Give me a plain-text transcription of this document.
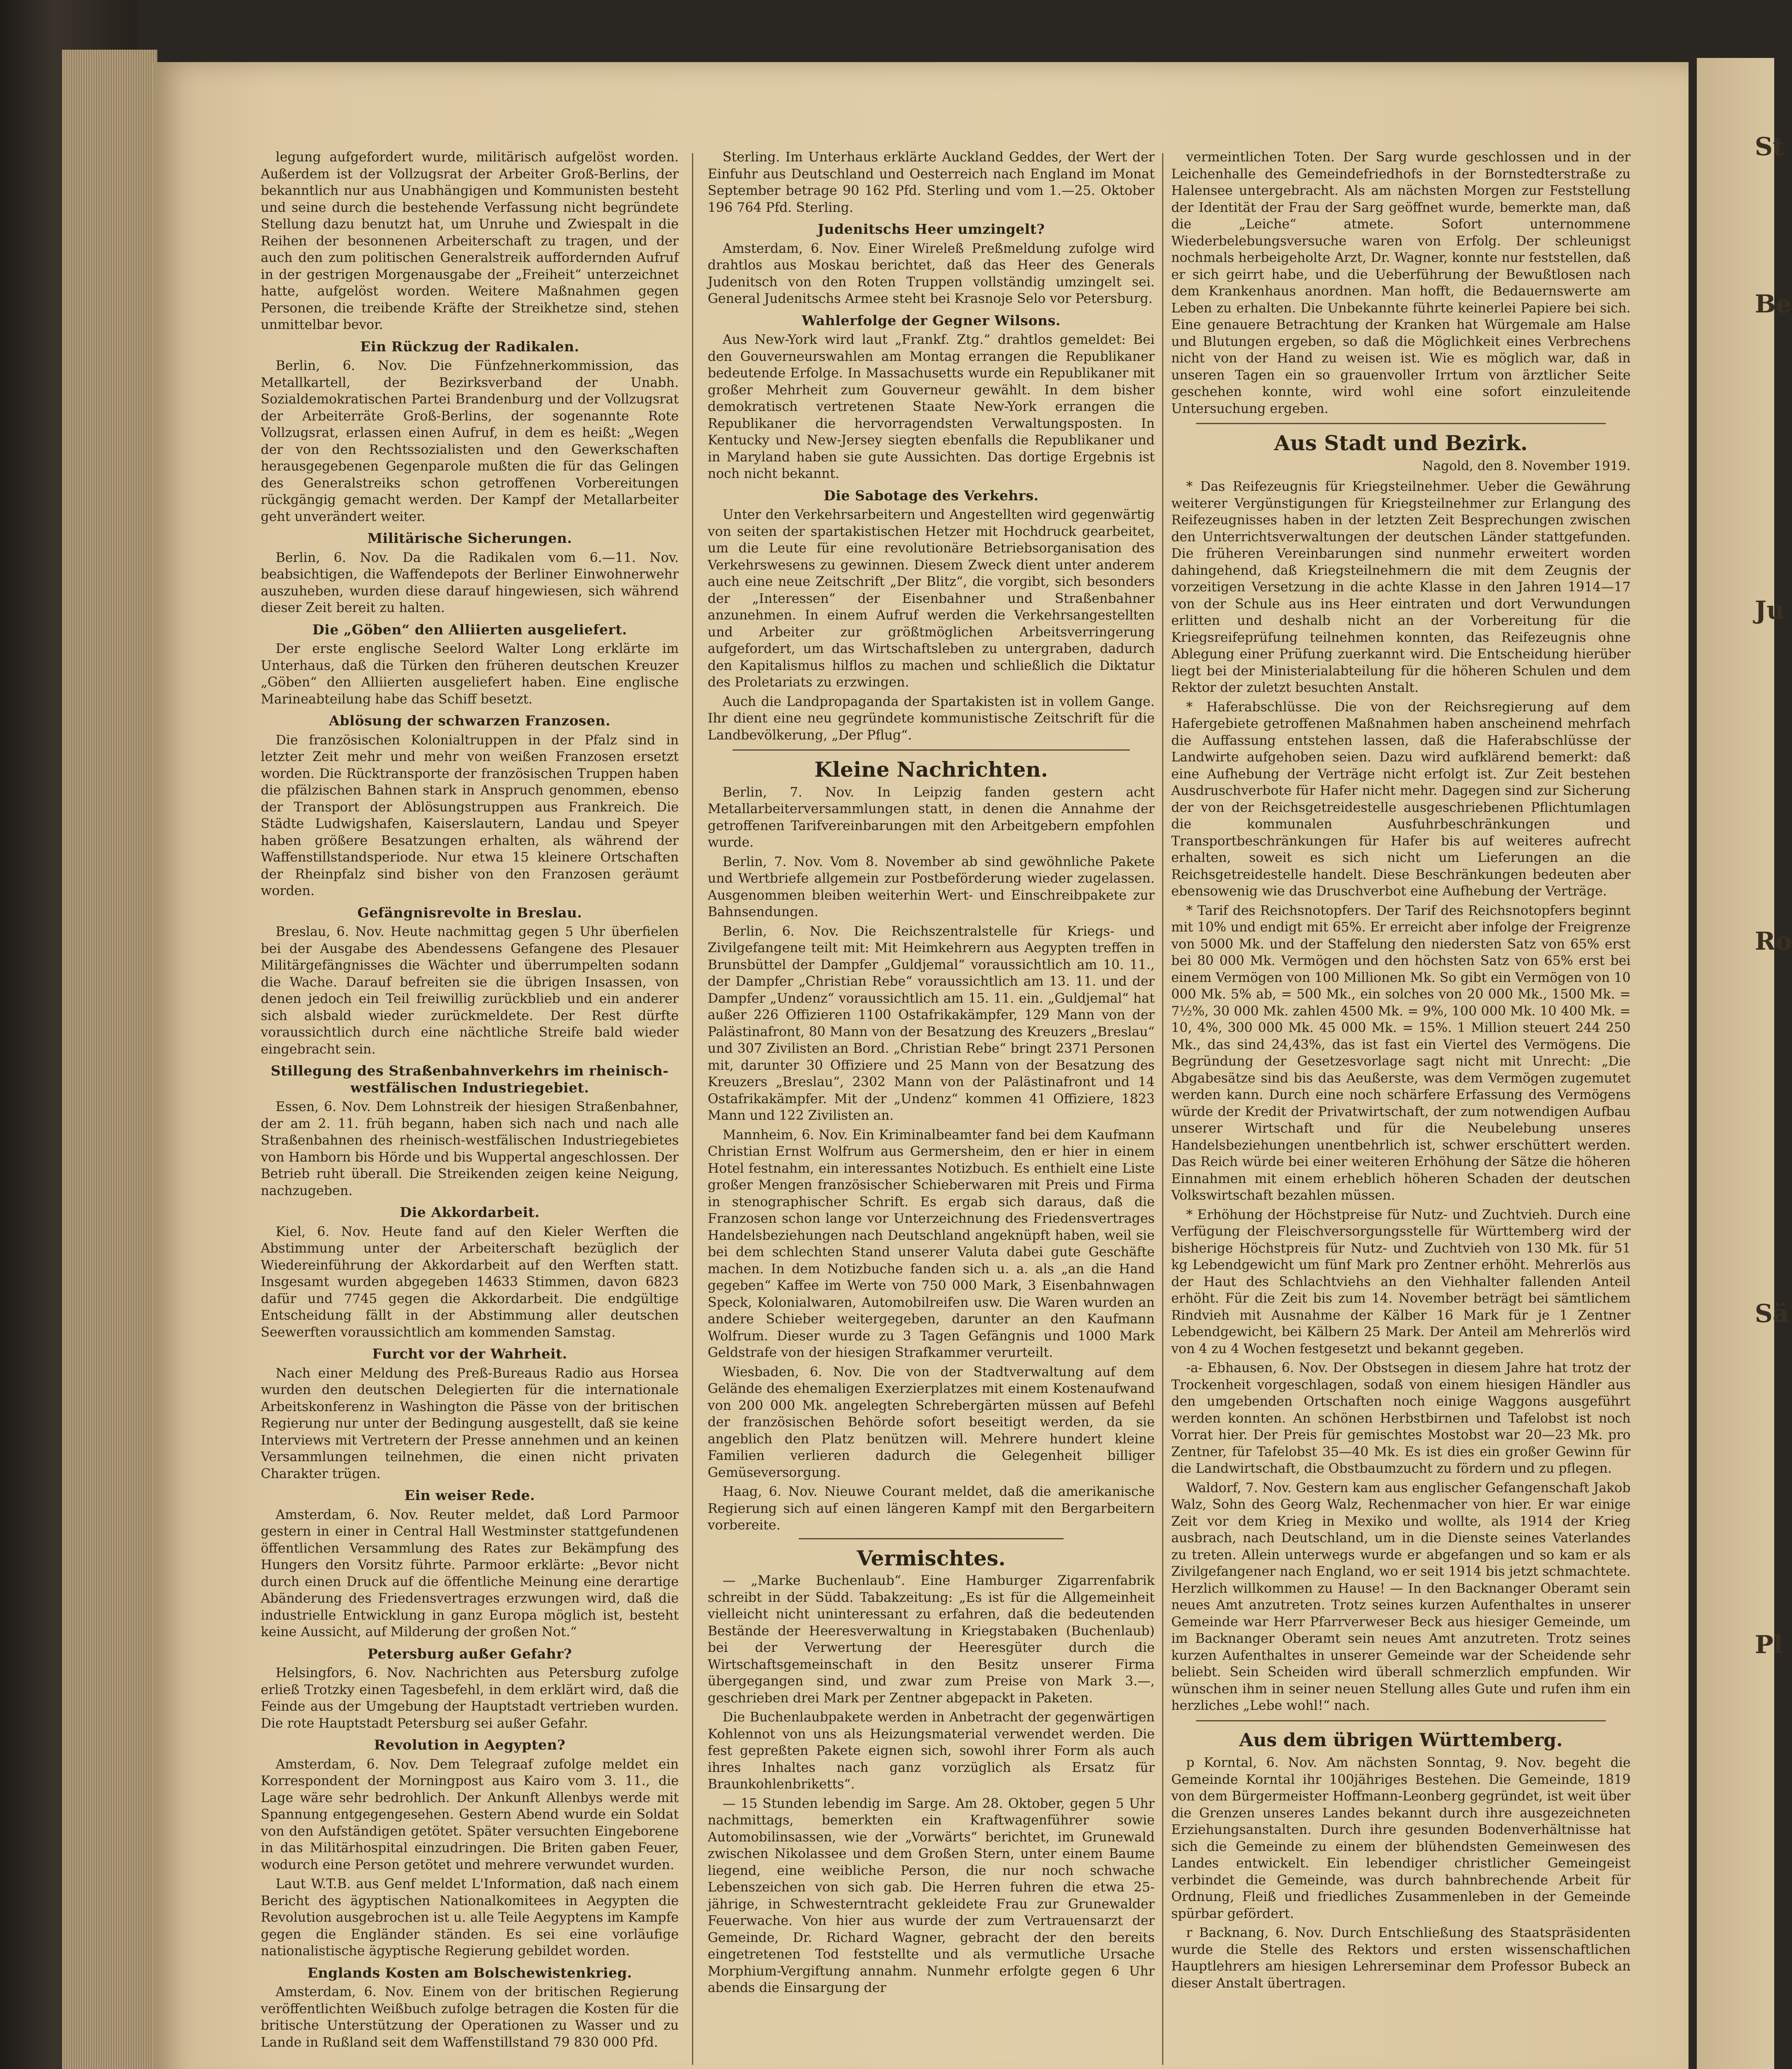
St
Be
Ju
Ro
Sä
Pl

legung aufgefordert wurde, militärisch aufgelöst worden. Außerdem ist der Vollzugsrat der Arbeiter Groß-Berlins, der bekanntlich nur aus Unabhängigen und Kommunisten besteht und seine durch die bestehende Verfassung nicht begründete Stellung dazu benutzt hat, um Unruhe und Zwiespalt in die Reihen der besonnenen Arbeiterschaft zu tragen, und der auch den zum politischen Generalstreik auffordernden Aufruf in der gestrigen Morgenausgabe der „Freiheit“ unterzeichnet hatte, aufgelöst worden. Weitere Maßnahmen gegen Personen, die treibende Kräfte der Streikhetze sind, stehen unmittelbar bevor.

Ein Rückzug der Radikalen.

Berlin, 6. Nov. Die Fünfzehnerkommission, das Metallkartell, der Bezirksverband der Unabh. Sozialdemokratischen Partei Brandenburg und der Vollzugsrat der Arbeiterräte Groß-Berlins, der sogenannte Rote Vollzugsrat, erlassen einen Aufruf, in dem es heißt: „Wegen der von den Rechtssozialisten und den Gewerkschaften herausgegebenen Gegenparole mußten die für das Gelingen des Generalstreiks schon getroffenen Vorbereitungen rückgängig gemacht werden. Der Kampf der Metallarbeiter geht unverändert weiter.

Militärische Sicherungen.

Berlin, 6. Nov. Da die Radikalen vom 6.—11. Nov. beabsichtigen, die Waffendepots der Berliner Einwohnerwehr auszuheben, wurden diese darauf hingewiesen, sich während dieser Zeit bereit zu halten.

Die „Göben“ den Alliierten ausgeliefert.

Der erste englische Seelord Walter Long erklärte im Unterhaus, daß die Türken den früheren deutschen Kreuzer „Göben“ den Alliierten ausgeliefert haben. Eine englische Marineabteilung habe das Schiff besetzt.

Ablösung der schwarzen Franzosen.

Die französischen Kolonialtruppen in der Pfalz sind in letzter Zeit mehr und mehr von weißen Franzosen ersetzt worden. Die Rücktransporte der französischen Truppen haben die pfälzischen Bahnen stark in Anspruch genommen, ebenso der Transport der Ablösungstruppen aus Frankreich. Die Städte Ludwigshafen, Kaiserslautern, Landau und Speyer haben größere Besatzungen erhalten, als während der Waffenstillstandsperiode. Nur etwa 15 kleinere Ortschaften der Rheinpfalz sind bisher von den Franzosen geräumt worden.

Gefängnisrevolte in Breslau.

Breslau, 6. Nov. Heute nachmittag gegen 5 Uhr überfielen bei der Ausgabe des Abendessens Gefangene des Plesauer Militärgefängnisses die Wächter und überrumpelten sodann die Wache. Darauf befreiten sie die übrigen Insassen, von denen jedoch ein Teil freiwillig zurückblieb und ein anderer sich alsbald wieder zurückmeldete. Der Rest dürfte voraussichtlich durch eine nächtliche Streife bald wieder eingebracht sein.

Stillegung des Straßenbahnverkehrs im rheinisch-westfälischen Industriegebiet.

Essen, 6. Nov. Dem Lohnstreik der hiesigen Straßenbahner, der am 2. 11. früh begann, haben sich nach und nach alle Straßenbahnen des rheinisch-westfälischen Industriegebietes von Hamborn bis Hörde und bis Wuppertal angeschlossen. Der Betrieb ruht überall. Die Streikenden zeigen keine Neigung, nachzugeben.

Die Akkordarbeit.

Kiel, 6. Nov. Heute fand auf den Kieler Werften die Abstimmung unter der Arbeiterschaft bezüglich der Wiedereinführung der Akkordarbeit auf den Werften statt. Insgesamt wurden abgegeben 14633 Stimmen, davon 6823 dafür und 7745 gegen die Akkordarbeit. Die endgültige Entscheidung fällt in der Abstimmung aller deutschen Seewerften voraussichtlich am kommenden Samstag.

Furcht vor der Wahrheit.

Nach einer Meldung des Preß-Bureaus Radio aus Horsea wurden den deutschen Delegierten für die internationale Arbeitskonferenz in Washington die Pässe von der britischen Regierung nur unter der Bedingung ausgestellt, daß sie keine Interviews mit Vertretern der Presse annehmen und an keinen Versammlungen teilnehmen, die einen nicht privaten Charakter trügen.

Ein weiser Rede.

Amsterdam, 6. Nov. Reuter meldet, daß Lord Parmoor gestern in einer in Central Hall Westminster stattgefundenen öffentlichen Versammlung des Rates zur Bekämpfung des Hungers den Vorsitz führte. Parmoor erklärte: „Bevor nicht durch einen Druck auf die öffentliche Meinung eine derartige Abänderung des Friedensvertrages erzwungen wird, daß die industrielle Entwicklung in ganz Europa möglich ist, besteht keine Aussicht, auf Milderung der großen Not.“

Petersburg außer Gefahr?

Helsingfors, 6. Nov. Nachrichten aus Petersburg zufolge erließ Trotzky einen Tagesbefehl, in dem erklärt wird, daß die Feinde aus der Umgebung der Hauptstadt vertrieben wurden. Die rote Hauptstadt Petersburg sei außer Gefahr.

Revolution in Aegypten?

Amsterdam, 6. Nov. Dem Telegraaf zufolge meldet ein Korrespondent der Morningpost aus Kairo vom 3. 11., die Lage wäre sehr bedrohlich. Der Ankunft Allenbys werde mit Spannung entgegengesehen. Gestern Abend wurde ein Soldat von den Aufständigen getötet. Später versuchten Eingeborene in das Militärhospital einzudringen. Die Briten gaben Feuer, wodurch eine Person getötet und mehrere verwundet wurden.

Laut W.T.B. aus Genf meldet L'Information, daß nach einem Bericht des ägyptischen Nationalkomitees in Aegypten die Revolution ausgebrochen ist u. alle Teile Aegyptens im Kampfe gegen die Engländer ständen. Es sei eine vorläufige nationalistische ägyptische Regierung gebildet worden.

Englands Kosten am Bolschewistenkrieg.

Amsterdam, 6. Nov. Einem von der britischen Regierung veröffentlichten Weißbuch zufolge betragen die Kosten für die britische Unterstützung der Operationen zu Wasser und zu Lande in Rußland seit dem Waffenstillstand 79 830 000 Pfd.

Sterling. Im Unterhaus erklärte Auckland Geddes, der Wert der Einfuhr aus Deutschland und Oesterreich nach England im Monat September betrage 90 162 Pfd. Sterling und vom 1.—25. Oktober 196 764 Pfd. Sterling.

Judenitschs Heer umzingelt?

Amsterdam, 6. Nov. Einer Wireleß Preßmeldung zufolge wird drahtlos aus Moskau berichtet, daß das Heer des Generals Judenitsch von den Roten Truppen vollständig umzingelt sei. General Judenitschs Armee steht bei Krasnoje Selo vor Petersburg.

Wahlerfolge der Gegner Wilsons.

Aus New-York wird laut „Frankf. Ztg.“ drahtlos gemeldet: Bei den Gouverneurswahlen am Montag errangen die Republikaner bedeutende Erfolge. In Massachusetts wurde ein Republikaner mit großer Mehrheit zum Gouverneur gewählt. In dem bisher demokratisch vertretenen Staate New-York errangen die Republikaner die hervorragendsten Verwaltungsposten. In Kentucky und New-Jersey siegten ebenfalls die Republikaner und in Maryland haben sie gute Aussichten. Das dortige Ergebnis ist noch nicht bekannt.

Die Sabotage des Verkehrs.

Unter den Verkehrsarbeitern und Angestellten wird gegenwärtig von seiten der spartakistischen Hetzer mit Hochdruck gearbeitet, um die Leute für eine revolutionäre Betriebsorganisation des Verkehrswesens zu gewinnen. Diesem Zweck dient unter anderem auch eine neue Zeitschrift „Der Blitz“, die vorgibt, sich besonders der „Interessen“ der Eisenbahner und Straßenbahner anzunehmen. In einem Aufruf werden die Verkehrsangestellten und Arbeiter zur größtmöglichen Arbeitsverringerung aufgefordert, um das Wirtschaftsleben zu untergraben, dadurch den Kapitalismus hilflos zu machen und schließlich die Diktatur des Proletariats zu erzwingen.

Auch die Landpropaganda der Spartakisten ist in vollem Gange. Ihr dient eine neu gegründete kommunistische Zeitschrift für die Landbevölkerung, „Der Pflug“.

Kleine Nachrichten.

Berlin, 7. Nov. In Leipzig fanden gestern acht Metallarbeiterversammlungen statt, in denen die Annahme der getroffenen Tarifvereinbarungen mit den Arbeitgebern empfohlen wurde.

Berlin, 7. Nov. Vom 8. November ab sind gewöhnliche Pakete und Wertbriefe allgemein zur Postbeförderung wieder zugelassen. Ausgenommen bleiben weiterhin Wert- und Einschreibpakete zur Bahnsendungen.

Berlin, 6. Nov. Die Reichszentralstelle für Kriegs- und Zivilgefangene teilt mit: Mit Heimkehrern aus Aegypten treffen in Brunsbüttel der Dampfer „Guldjemal“ voraussichtlich am 10. 11., der Dampfer „Christian Rebe“ voraussichtlich am 13. 11. und der Dampfer „Undenz“ voraussichtlich am 15. 11. ein. „Guldjemal“ hat außer 226 Offizieren 1100 Ostafrikakämpfer, 129 Mann von der Palästinafront, 80 Mann von der Besatzung des Kreuzers „Breslau“ und 307 Zivilisten an Bord. „Christian Rebe“ bringt 2371 Personen mit, darunter 30 Offiziere und 25 Mann von der Besatzung des Kreuzers „Breslau“, 2302 Mann von der Palästinafront und 14 Ostafrikakämpfer. Mit der „Undenz“ kommen 41 Offiziere, 1823 Mann und 122 Zivilisten an.

Mannheim, 6. Nov. Ein Kriminalbeamter fand bei dem Kaufmann Christian Ernst Wolfrum aus Germersheim, den er hier in einem Hotel festnahm, ein interessantes Notizbuch. Es enthielt eine Liste großer Mengen französischer Schieberwaren mit Preis und Firma in stenographischer Schrift. Es ergab sich daraus, daß die Franzosen schon lange vor Unterzeichnung des Friedensvertrages Handelsbeziehungen nach Deutschland angeknüpft haben, weil sie bei dem schlechten Stand unserer Valuta dabei gute Geschäfte machen. In dem Notizbuche fanden sich u. a. als „an die Hand gegeben“ Kaffee im Werte von 750 000 Mark, 3 Eisenbahnwagen Speck, Kolonialwaren, Automobilreifen usw. Die Waren wurden an andere Schieber weitergegeben, darunter an den Kaufmann Wolfrum. Dieser wurde zu 3 Tagen Gefängnis und 1000 Mark Geldstrafe von der hiesigen Strafkammer verurteilt.

Wiesbaden, 6. Nov. Die von der Stadtverwaltung auf dem Gelände des ehemaligen Exerzierplatzes mit einem Kostenaufwand von 200 000 Mk. angelegten Schrebergärten müssen auf Befehl der französischen Behörde sofort beseitigt werden, da sie angeblich den Platz benützen will. Mehrere hundert kleine Familien verlieren dadurch die Gelegenheit billiger Gemüseversorgung.

Haag, 6. Nov. Nieuwe Courant meldet, daß die amerikanische Regierung sich auf einen längeren Kampf mit den Bergarbeitern vorbereite.

Vermischtes.

— „Marke Buchenlaub“. Eine Hamburger Zigarrenfabrik schreibt in der Südd. Tabakzeitung: „Es ist für die Allgemeinheit vielleicht nicht uninteressant zu erfahren, daß die bedeutenden Bestände der Heeresverwaltung in Kriegstabaken (Buchenlaub) bei der Verwertung der Heeresgüter durch die Wirtschaftsgemeinschaft in den Besitz unserer Firma übergegangen sind, und zwar zum Preise von Mark 3.—, geschrieben drei Mark per Zentner abgepackt in Paketen.

Die Buchenlaubpakete werden in Anbetracht der gegenwärtigen Kohlennot von uns als Heizungsmaterial verwendet werden. Die fest gepreßten Pakete eignen sich, sowohl ihrer Form als auch ihres Inhaltes nach ganz vorzüglich als Ersatz für Braunkohlenbriketts“.

— 15 Stunden lebendig im Sarge. Am 28. Oktober, gegen 5 Uhr nachmittags, bemerkten ein Kraftwagenführer sowie Automobilinsassen, wie der „Vorwärts“ berichtet, im Grunewald zwischen Nikolassee und dem Großen Stern, unter einem Baume liegend, eine weibliche Person, die nur noch schwache Lebenszeichen von sich gab. Die Herren fuhren die etwa 25-jährige, in Schwesterntracht gekleidete Frau zur Grunewalder Feuerwache. Von hier aus wurde der zum Vertrauensarzt der Gemeinde, Dr. Richard Wagner, gebracht der den bereits eingetretenen Tod feststellte und als vermutliche Ursache Morphium-Vergiftung annahm. Nunmehr erfolgte gegen 6 Uhr abends die Einsargung der

vermeintlichen Toten. Der Sarg wurde geschlossen und in der Leichenhalle des Gemeindefriedhofs in der Bornstedterstraße zu Halensee untergebracht. Als am nächsten Morgen zur Feststellung der Identität der Frau der Sarg geöffnet wurde, bemerkte man, daß die „Leiche“ atmete. Sofort unternommene Wiederbelebungsversuche waren von Erfolg. Der schleunigst nochmals herbeigeholte Arzt, Dr. Wagner, konnte nur feststellen, daß er sich geirrt habe, und die Ueberführung der Bewußtlosen nach dem Krankenhaus anordnen. Man hofft, die Bedauernswerte am Leben zu erhalten. Die Unbekannte führte keinerlei Papiere bei sich. Eine genauere Betrachtung der Kranken hat Würgemale am Halse und Blutungen ergeben, so daß die Möglichkeit eines Verbrechens nicht von der Hand zu weisen ist. Wie es möglich war, daß in unseren Tagen ein so grauenvoller Irrtum von ärztlicher Seite geschehen konnte, wird wohl eine sofort einzuleitende Untersuchung ergeben.

Aus Stadt und Bezirk.
Nagold, den 8. November 1919.

* Das Reifezeugnis für Kriegsteilnehmer. Ueber die Gewährung weiterer Vergünstigungen für Kriegsteilnehmer zur Erlangung des Reifezeugnisses haben in der letzten Zeit Besprechungen zwischen den Unterrichtsverwaltungen der deutschen Länder stattgefunden. Die früheren Vereinbarungen sind nunmehr erweitert worden dahingehend, daß Kriegsteilnehmern die mit dem Zeugnis der vorzeitigen Versetzung in die achte Klasse in den Jahren 1914—17 von der Schule aus ins Heer eintraten und dort Verwundungen erlitten und deshalb nicht an der Vorbereitung für die Kriegsreifeprüfung teilnehmen konnten, das Reifezeugnis ohne Ablegung einer Prüfung zuerkannt wird. Die Entscheidung hierüber liegt bei der Ministerialabteilung für die höheren Schulen und dem Rektor der zuletzt besuchten Anstalt.

* Haferabschlüsse. Die von der Reichsregierung auf dem Hafergebiete getroffenen Maßnahmen haben anscheinend mehrfach die Auffassung entstehen lassen, daß die Haferabschlüsse der Landwirte aufgehoben seien. Dazu wird aufklärend bemerkt: daß eine Aufhebung der Verträge nicht erfolgt ist. Zur Zeit bestehen Ausdruschverbote für Hafer nicht mehr. Dagegen sind zur Sicherung der von der Reichsgetreidestelle ausgeschriebenen Pflichtumlagen die kommunalen Ausfuhrbeschränkungen und Transportbeschränkungen für Hafer bis auf weiteres aufrecht erhalten, soweit es sich nicht um Lieferungen an die Reichsgetreidestelle handelt. Diese Beschränkungen bedeuten aber ebensowenig wie das Druschverbot eine Aufhebung der Verträge.

* Tarif des Reichsnotopfers. Der Tarif des Reichsnotopfers beginnt mit 10% und endigt mit 65%. Er erreicht aber infolge der Freigrenze von 5000 Mk. und der Staffelung den niedersten Satz von 65% erst bei 80 000 Mk. Vermögen und den höchsten Satz von 65% erst bei einem Vermögen von 100 Millionen Mk. So gibt ein Vermögen von 10 000 Mk. 5% ab, = 500 Mk., ein solches von 20 000 Mk., 1500 Mk. = 7½%, 30 000 Mk. zahlen 4500 Mk. = 9%, 100 000 Mk. 10 400 Mk. = 10, 4%, 300 000 Mk. 45 000 Mk. = 15%. 1 Million steuert 244 250 Mk., das sind 24,43%, das ist fast ein Viertel des Vermögens. Die Begründung der Gesetzesvorlage sagt nicht mit Unrecht: „Die Abgabesätze sind bis das Aeußerste, was dem Vermögen zugemutet werden kann. Durch eine noch schärfere Erfassung des Vermögens würde der Kredit der Privatwirtschaft, der zum notwendigen Aufbau unserer Wirtschaft und für die Neubelebung unseres Handelsbeziehungen unentbehrlich ist, schwer erschüttert werden. Das Reich würde bei einer weiteren Erhöhung der Sätze die höheren Einnahmen mit einem erheblich höheren Schaden der deutschen Volkswirtschaft bezahlen müssen.

* Erhöhung der Höchstpreise für Nutz- und Zuchtvieh. Durch eine Verfügung der Fleischversorgungsstelle für Württemberg wird der bisherige Höchstpreis für Nutz- und Zuchtvieh von 130 Mk. für 51 kg Lebendgewicht um fünf Mark pro Zentner erhöht. Mehrerlös aus der Haut des Schlachtviehs an den Viehhalter fallenden Anteil erhöht. Für die Zeit bis zum 14. November beträgt bei sämtlichem Rindvieh mit Ausnahme der Kälber 16 Mark für je 1 Zentner Lebendgewicht, bei Kälbern 25 Mark. Der Anteil am Mehrerlös wird von 4 zu 4 Wochen festgesetzt und bekannt gegeben.

-a- Ebhausen, 6. Nov. Der Obstsegen in diesem Jahre hat trotz der Trockenheit vorgeschlagen, sodaß von einem hiesigen Händler aus den umgebenden Ortschaften noch einige Waggons ausgeführt werden konnten. An schönen Herbstbirnen und Tafelobst ist noch Vorrat hier. Der Preis für gemischtes Mostobst war 20—23 Mk. pro Zentner, für Tafelobst 35—40 Mk. Es ist dies ein großer Gewinn für die Landwirtschaft, die Obstbaumzucht zu fördern und zu pflegen.

Waldorf, 7. Nov. Gestern kam aus englischer Gefangenschaft Jakob Walz, Sohn des Georg Walz, Rechenmacher von hier. Er war einige Zeit vor dem Krieg in Mexiko und wollte, als 1914 der Krieg ausbrach, nach Deutschland, um in die Dienste seines Vaterlandes zu treten. Allein unterwegs wurde er abgefangen und so kam er als Zivilgefangener nach England, wo er seit 1914 bis jetzt schmachtete. Herzlich willkommen zu Hause! — In den Backnanger Oberamt sein neues Amt anzutreten. Trotz seines kurzen Aufenthaltes in unserer Gemeinde war Herr Pfarrverweser Beck aus hiesiger Gemeinde, um im Backnanger Oberamt sein neues Amt anzutreten. Trotz seines kurzen Aufenthaltes in unserer Gemeinde war der Scheidende sehr beliebt. Sein Scheiden wird überall schmerzlich empfunden. Wir wünschen ihm in seiner neuen Stellung alles Gute und rufen ihm ein herzliches „Lebe wohl!“ nach.

Aus dem übrigen Württemberg.

p Korntal, 6. Nov. Am nächsten Sonntag, 9. Nov. begeht die Gemeinde Korntal ihr 100jähriges Bestehen. Die Gemeinde, 1819 von dem Bürgermeister Hoffmann-Leonberg gegründet, ist weit über die Grenzen unseres Landes bekannt durch ihre ausgezeichneten Erziehungsanstalten. Durch ihre gesunden Bodenverhältnisse hat sich die Gemeinde zu einem der blühendsten Gemeinwesen des Landes entwickelt. Ein lebendiger christlicher Gemeingeist verbindet die Gemeinde, was durch bahnbrechende Arbeit für Ordnung, Fleiß und friedliches Zusammenleben in der Gemeinde spürbar gefördert.

r Backnang, 6. Nov. Durch Entschließung des Staatspräsidenten wurde die Stelle des Rektors und ersten wissenschaftlichen Hauptlehrers am hiesigen Lehrerseminar dem Professor Bubeck an dieser Anstalt übertragen.
